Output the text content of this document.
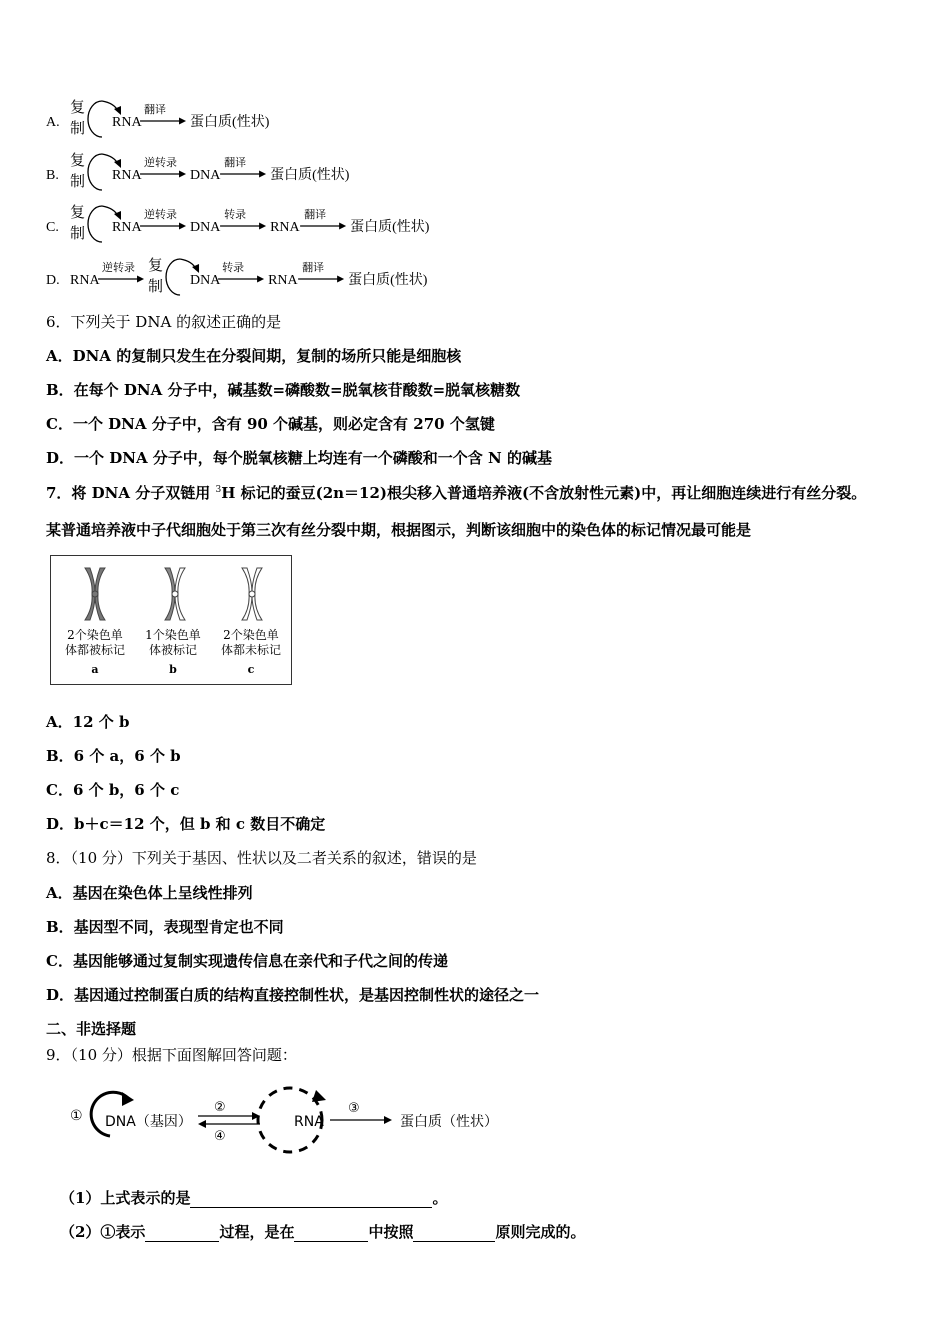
A.
复
制 RNA
翻译
蛋白质(性状)
B.
复
制 RNA
逆转录
DNA
翻译
蛋白质(性状)
C.
复
制 RNA
逆转录
DNA
转录
RNA
翻译
蛋白质(性状)
D. RNA
逆转录 复
制 DNA
转录
RNA
翻译
蛋白质(性状)
6．下列关于 DNA 的叙述正确的是
A．DNA 的复制只发生在分裂间期，复制的场所只能是细胞核
B．在每个 DNA 分子中，碱基数=磷酸数=脱氧核苷酸数=脱氧核糖数
C．一个 DNA 分子中，含有 90 个碱基，则必定含有 270 个氢键
D．一个 DNA 分子中，每个脱氧核糖上均连有一个磷酸和一个含 N 的碱基
7．将 DNA 分子双链用 $^3$H 标记的蚕豆(2n＝12)根尖移入普通培养液(不含放射性元素)中，再让细胞连续进行有丝分裂。
某普通培养液中子代细胞处于第三次有丝分裂中期，根据图示，判断该细胞中的染色体的标记情况最可能是
2个染色单
体都被标记
a
1个染色单
体被标记
b
2个染色单
体都未标记
c
A．12 个 b
B．6 个 a，6 个 b
C．6 个 b，6 个 c
D．b＋c＝12 个，但 b 和 c 数目不确定
8．（10 分）下列关于基因、性状以及二者关系的叙述，错误的是
A．基因在染色体上呈线性排列
B．基因型不同，表现型肯定也不同
C．基因能够通过复制实现遗传信息在亲代和子代之间的传递
D．基因通过控制蛋白质的结构直接控制性状，是基因控制性状的途径之一
二、非选择题
9．（10 分）根据下面图解回答问题：
① DNA（基因）
②
④
RNA
③
蛋白质（性状）
（1）上式表示的是	。
（2）①表示	过程，是在	中按照	原则完成的。
